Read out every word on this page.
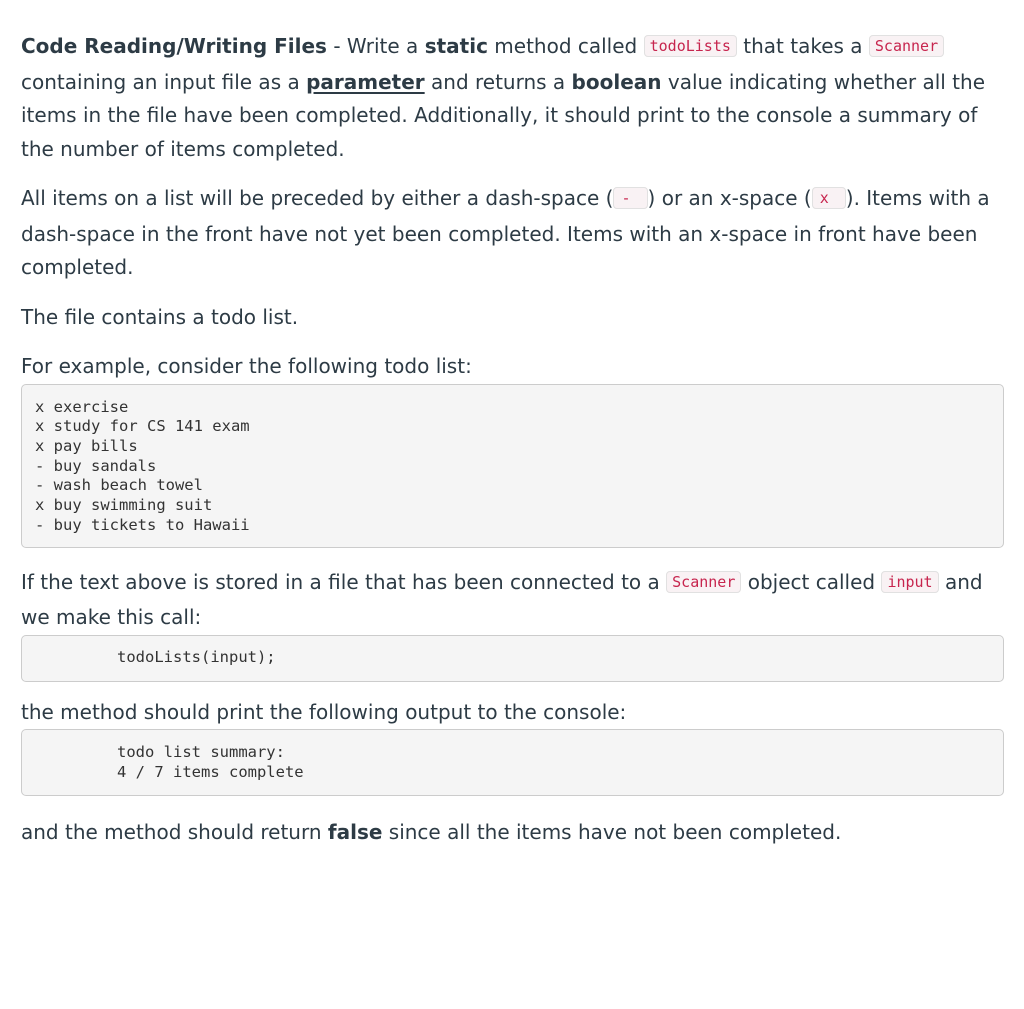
Code Reading/Writing Files - Write a static method called todoLists that takes a Scanner containing an input file as a parameter and returns a boolean value indicating whether all the items in the file have been completed. Additionally, it should print to the console a summary of the number of items completed.

All items on a list will be preceded by either a dash-space ( - ) or an x-space ( x ). Items with a dash-space in the front have not yet been completed. Items with an x-space in front have been completed.

The file contains a todo list.

For example, consider the following todo list:

x exercise
x study for CS 141 exam
x pay bills
- buy sandals
- wash beach towel
x buy swimming suit
- buy tickets to Hawaii

If the text above is stored in a file that has been connected to a Scanner object called input and we make this call:

todoLists(input);

the method should print the following output to the console:

todo list summary:
4 / 7 items complete

and the method should return false since all the items have not been completed.
